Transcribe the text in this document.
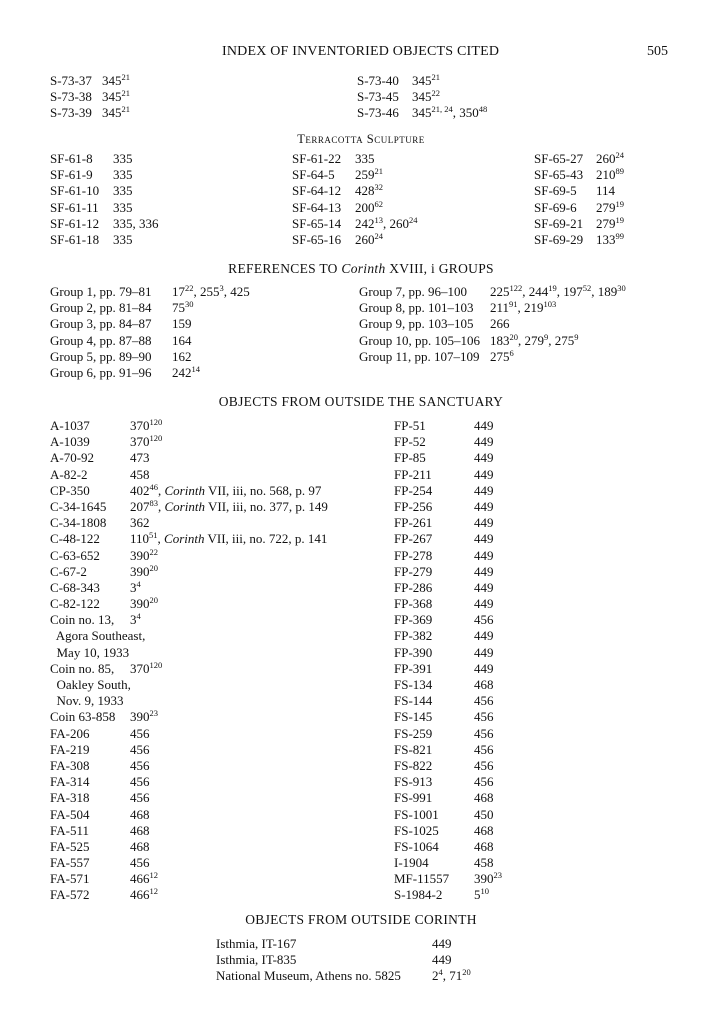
INDEX OF INVENTORIED OBJECTS CITED	505
S-73-37 $345^{21}$
S-73-38 $345^{21}$
S-73-39 $345^{21}$
S-73-40 $345^{21}$
S-73-45 $345^{22}$
S-73-46 345$^{21, 24}$, $350^{48}$
Terracotta Sculpture
SF-61-8 335
SF-61-9 335
SF-61-10 335
SF-61-11 335
SF-61-12 335, 336
SF-61-18 335
SF-61-22 335
SF-64-5 $259^{21}$
SF-64-12 $428^{32}$
SF-64-13 $200^{62}$
SF-65-14 $242^{13}$, $260^{24}$
SF-65-16 $260^{24}$
SF-65-27 $260^{24}$
SF-65-43 $210^{89}$
SF-69-5 114
SF-69-6 $279^{19}$
SF-69-21 $279^{19}$
SF-69-29 $133^{99}$
REFERENCES TO Corinth XVIII, i GROUPS
Group 1, pp. 79–81 $17^{22}$, $255^3$, 425
Group 2, pp. 81–84 $75^{30}$
Group 3, pp. 84–87 159
Group 4, pp. 87–88 164
Group 5, pp. 89–90 162
Group 6, pp. 91–96 $242^{14}$
Group 7, pp. 96–100 $225^{122}$, $244^{19}$, $197^{52}$, $189^{30}$
Group 8, pp. 101–103 $211^{91}$, $219^{103}$
Group 9, pp. 103–105 266
Group 10, pp. 105–106 $183^{20}$, $279^9$, $275^9$
Group 11, pp. 107–109 $275^6$
OBJECTS FROM OUTSIDE THE SANCTUARY
A-1037	$370^{120}$
A-1039	$370^{120}$
A-70-92	473
A-82-2	458
CP-350	$402^{46}$, Corinth VII, iii, no. 568, p. 97
C-34-1645 $207^{83}$, Corinth VII, iii, no. 377, p. 149
C-34-1808 362
C-48-122 $110^{51}$, Corinth VII, iii, no. 722, p. 141
C-63-652 $390^{22}$
C-67-2	$390^{20}$
C-68-343 $3^4$
C-82-122 $390^{20}$
Coin no. 13, $3^4$
Agora Southeast,
May 10, 1933
Coin no. 85, $370^{120}$
Oakley South,
Nov. 9, 1933
Coin 63-858 $390^{23}$
FA-206	456
FA-219	456
FA-308	456
FA-314	456
FA-318	456
FA-504	468
FA-511	468
FA-525	468
FA-557	456
FA-571	$466^{12}$
FA-572	$466^{12}$
FP-51	449
FP-52	449
FP-85	449
FP-211	449
FP-254	449
FP-256	449
FP-261	449
FP-267	449
FP-278	449
FP-279	449
FP-286	449
FP-368	449
FP-369	456
FP-382	449
FP-390	449
FP-391	449
FS-134	468
FS-144	456
FS-145	456
FS-259	456
FS-821	456
FS-822	456
FS-913	456
FS-991	468
FS-1001	450
FS-1025	468
FS-1064	468
I-1904	458
MF-11557 $390^{23}$
S-1984-2 $5^{10}$
OBJECTS FROM OUTSIDE CORINTH
Isthmia, IT-167	449
Isthmia, IT-835	449
National Museum, Athens no. 5825 $2^4$, $71^{20}$
